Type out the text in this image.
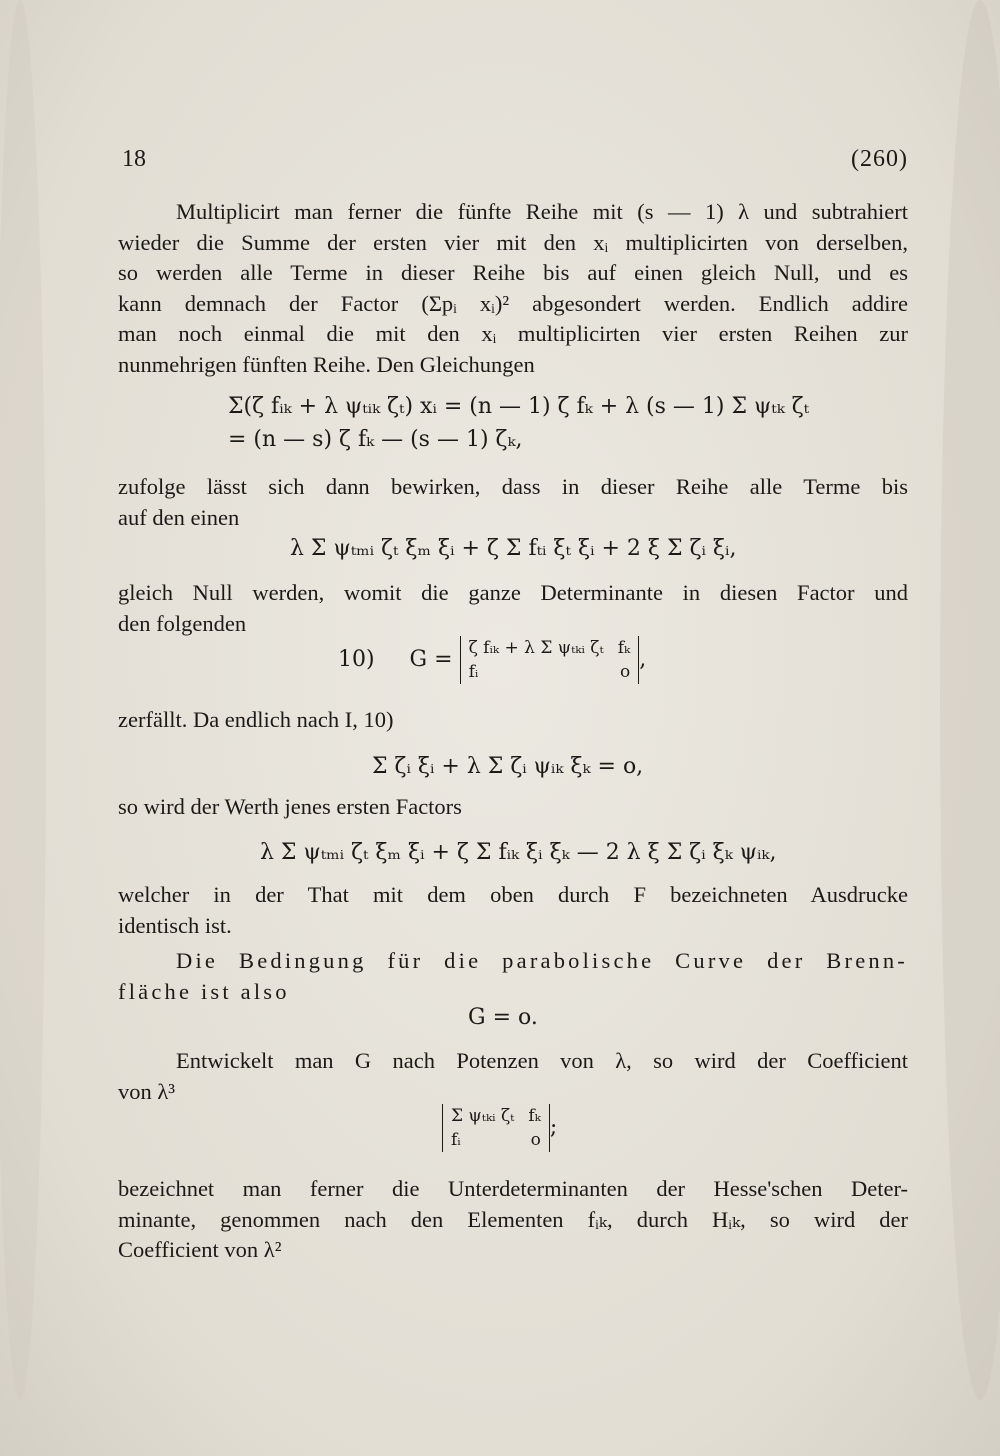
18	(260)
Multiplicirt man ferner die fünfte Reihe mit (s — 1) λ und subtrahiert
wieder die Summe der ersten vier mit den xᵢ multiplicirten von derselben,
so werden alle Terme in dieser Reihe bis auf einen gleich Null, und es
kann demnach der Factor (Σpᵢ xᵢ)² abgesondert werden. Endlich addire
man noch einmal die mit den xᵢ multiplicirten vier ersten Reihen zur
nunmehrigen fünften Reihe. Den Gleichungen
Σ(ζ fᵢₖ + λ ψₜᵢₖ ζₜ) xᵢ = (n — 1) ζ fₖ + λ (s — 1) Σ ψₜₖ ζₜ
= (n — s) ζ fₖ — (s — 1) ζₖ,
zufolge lässt sich dann bewirken, dass in dieser Reihe alle Terme bis
auf den einen
λ Σ ψₜₘᵢ ζₜ ξₘ ξᵢ + ζ Σ fₜᵢ ξₜ ξᵢ + 2 ξ Σ ζᵢ ξᵢ,
gleich Null werden, womit die ganze Determinante in diesen Factor und
den folgenden
10) G = ζ fᵢₖ + λ Σ ψₜₖᵢ ζₜ fₖ
fᵢ	o ,
zerfällt. Da endlich nach I, 10)
Σ ζᵢ ξᵢ + λ Σ ζᵢ ψᵢₖ ξₖ = o,
so wird der Werth jenes ersten Factors
λ Σ ψₜₘᵢ ζₜ ξₘ ξᵢ + ζ Σ fᵢₖ ξᵢ ξₖ — 2 λ ξ Σ ζᵢ ξₖ ψᵢₖ,
welcher in der That mit dem oben durch F bezeichneten Ausdrucke
identisch ist.
Die Bedingung für die parabolische Curve der Brenn-
fläche ist also
G = o.
Entwickelt man G nach Potenzen von λ, so wird der Coefficient
von λ³
Σ ψₜₖᵢ ζₜ fₖ
fᵢ	o ;
bezeichnet man ferner die Unterdeterminanten der Hesse'schen Deter-
minante, genommen nach den Elementen fᵢₖ, durch Hᵢₖ, so wird der
Coefficient von λ²
